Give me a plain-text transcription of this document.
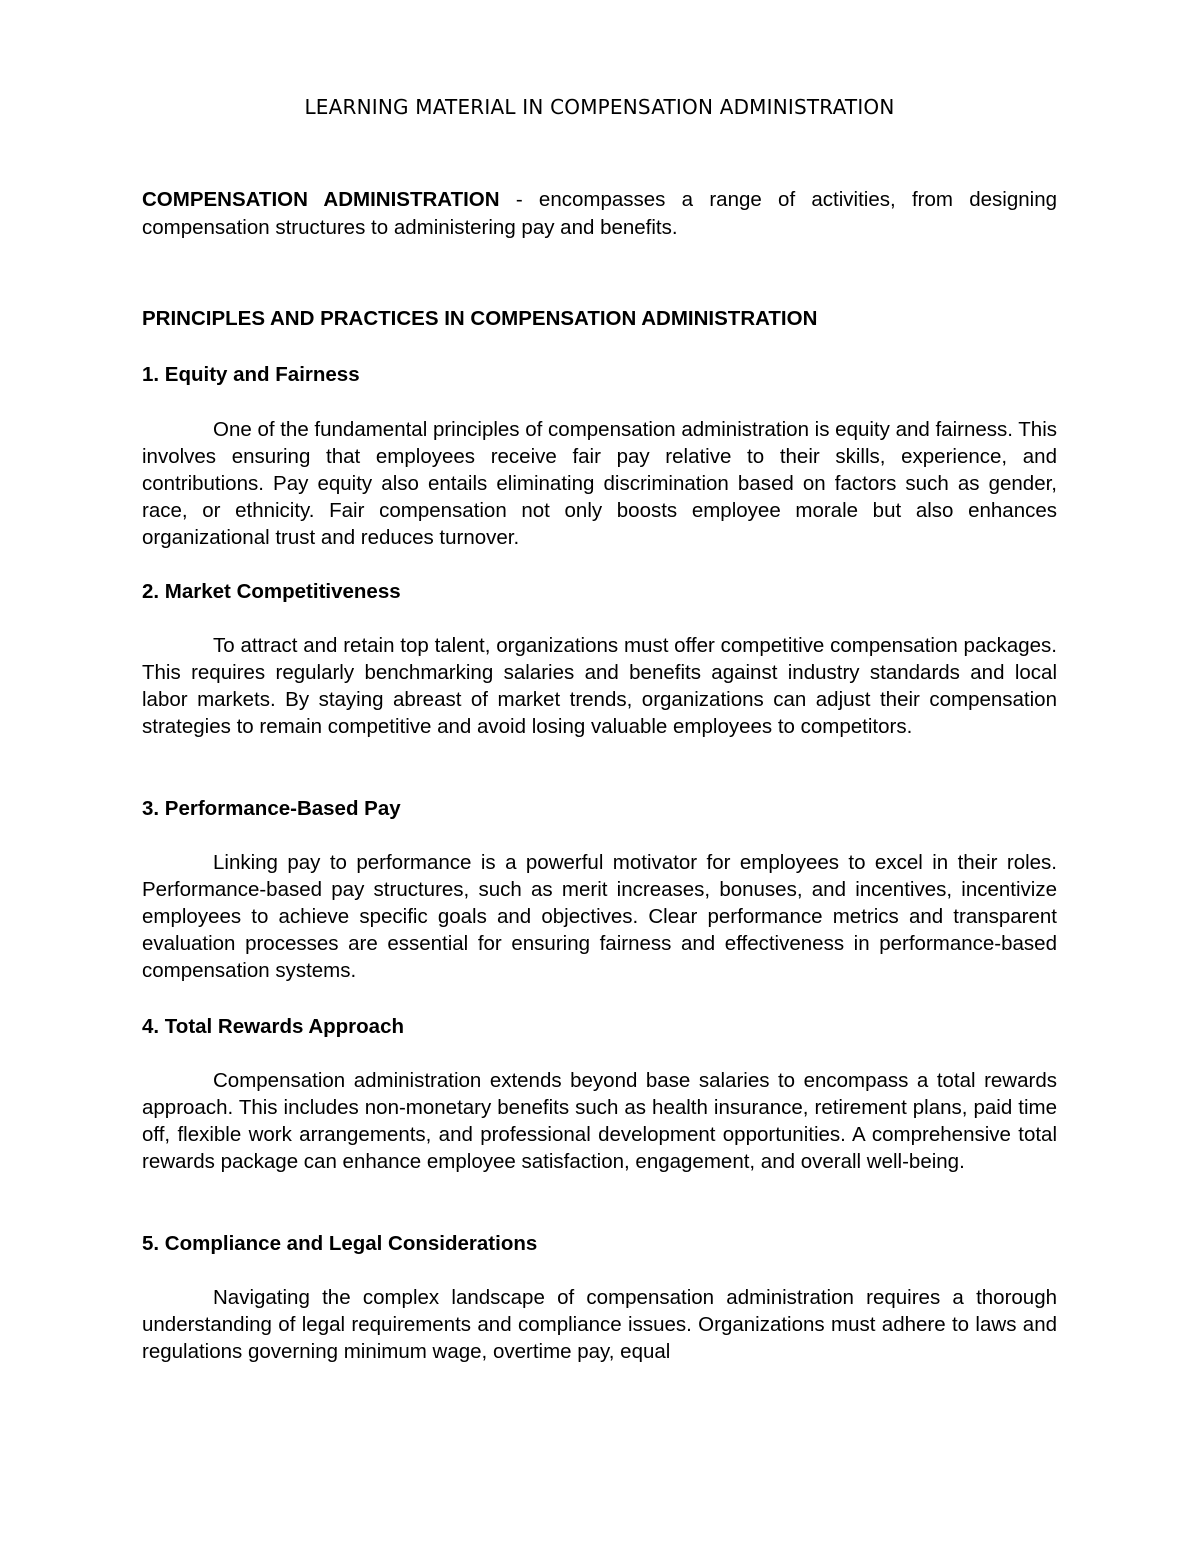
LEARNING MATERIAL IN COMPENSATION ADMINISTRATION

COMPENSATION ADMINISTRATION - encompasses a range of activities, from designing compensation structures to administering pay and benefits.

PRINCIPLES AND PRACTICES IN COMPENSATION ADMINISTRATION
1. Equity and Fairness

One of the fundamental principles of compensation administration is equity and fairness. This involves ensuring that employees receive fair pay relative to their skills, experience, and contributions. Pay equity also entails eliminating discrimination based on factors such as gender, race, or ethnicity. Fair compensation not only boosts employee morale but also enhances organizational trust and reduces turnover.

2. Market Competitiveness

To attract and retain top talent, organizations must offer competitive compensation packages. This requires regularly benchmarking salaries and benefits against industry standards and local labor markets. By staying abreast of market trends, organizations can adjust their compensation strategies to remain competitive and avoid losing valuable employees to competitors.

3. Performance-Based Pay

Linking pay to performance is a powerful motivator for employees to excel in their roles. Performance-based pay structures, such as merit increases, bonuses, and incentives, incentivize employees to achieve specific goals and objectives. Clear performance metrics and transparent evaluation processes are essential for ensuring fairness and effectiveness in performance-based compensation systems.

4. Total Rewards Approach

Compensation administration extends beyond base salaries to encompass a total rewards approach. This includes non-monetary benefits such as health insurance, retirement plans, paid time off, flexible work arrangements, and professional development opportunities. A comprehensive total rewards package can enhance employee satisfaction, engagement, and overall well-being.

5. Compliance and Legal Considerations

Navigating the complex landscape of compensation administration requires a thorough understanding of legal requirements and compliance issues. Organizations must adhere to laws and regulations governing minimum wage, overtime pay, equal
